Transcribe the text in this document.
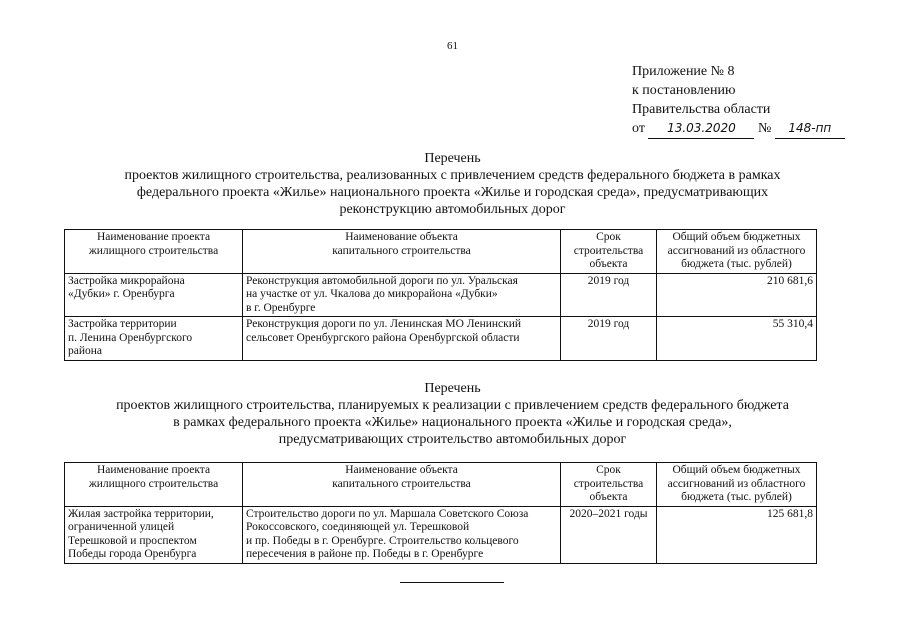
61
Приложение № 8
к постановлению
Правительства области
от 13.03.2020 № 148-пп
Перечень
проектов жилищного строительства, реализованных с привлечением средств федерального бюджета в рамках
федерального проекта «Жилье» национального проекта «Жилье и городская среда», предусматривающих
реконструкцию автомобильных дорог
Наименование проекта
жилищного строительства	Наименование объекта
капитального строительства	Срок
строительства
объекта	Общий объем бюджетных
ассигнований из областного
бюджета (тыс. рублей)
Застройка микрорайона
«Дубки» г. Оренбурга	Реконструкция автомобильной дороги по ул. Уральская
на участке от ул. Чкалова до микрорайона «Дубки»
в г. Оренбурге	2019 год	210 681,6
Застройка территории
п. Ленина Оренбургского
района	Реконструкция дороги по ул. Ленинская МО Ленинский
сельсовет Оренбургского района Оренбургской области	2019 год	55 310,4
Перечень
проектов жилищного строительства, планируемых к реализации с привлечением средств федерального бюджета
в рамках федерального проекта «Жилье» национального проекта «Жилье и городская среда»,
предусматривающих строительство автомобильных дорог
Наименование проекта
жилищного строительства	Наименование объекта
капитального строительства	Срок
строительства
объекта	Общий объем бюджетных
ассигнований из областного
бюджета (тыс. рублей)
Жилая застройка территории,
ограниченной улицей
Терешковой и проспектом
Победы города Оренбурга	Строительство дороги по ул. Маршала Советского Союза
Рокоссовского, соединяющей ул. Терешковой
и пр. Победы в г. Оренбурге. Строительство кольцевого
пересечения в районе пр. Победы в г. Оренбурге	2020–2021 годы	125 681,8
